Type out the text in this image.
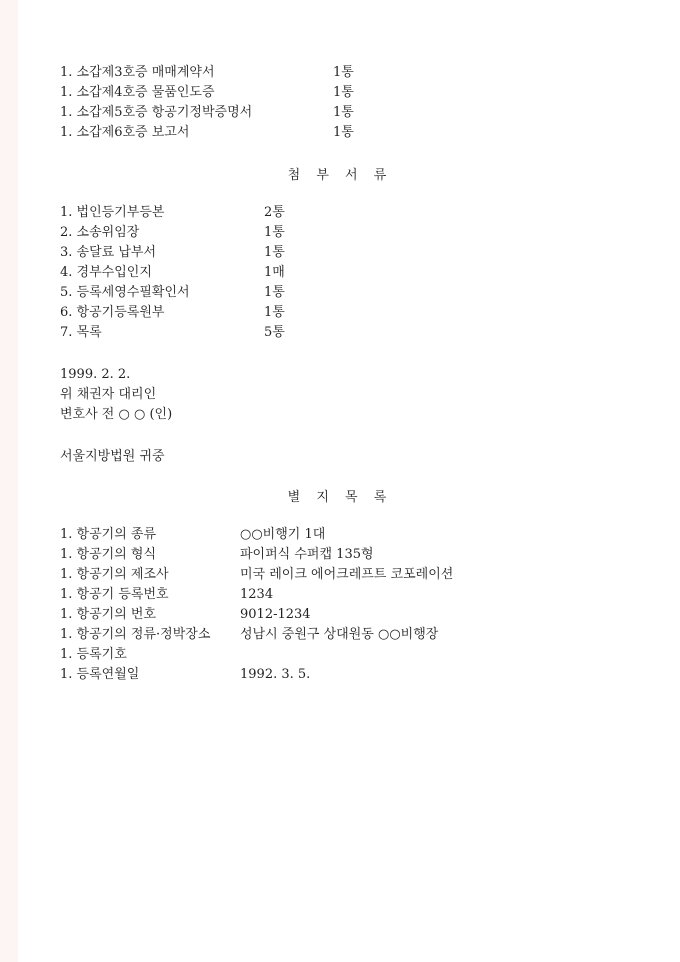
1. 소갑제3호증 매매계약서	1통
1. 소갑제4호증 물품인도증	1통
1. 소갑제5호증 항공기정박증명서	1통
1. 소갑제6호증 보고서	1통
첨 부 서 류
1. 법인등기부등본	2통
2. 소송위임장	1통
3. 송달료 납부서	1통
4. 경부수입인지	1매
5. 등록세영수필확인서	1통
6. 항공기등록원부	1통
7. 목록	5통
1999. 2. 2.
위 채권자 대리인
변호사 전 ○ ○ (인)
서울지방법원 귀중
별 지 목 록
1. 항공기의 종류	○○비행기 1대
1. 항공기의 형식	파이퍼식 수퍼캡 135형
1. 항공기의 제조사	미국 레이크 에어크레프트 코포레이션
1. 항공기 등록번호	1234
1. 항공기의 번호	9012-1234
1. 항공기의 정류·정박장소 성남시 중원구 상대원동 ○○비행장
1. 등록기호
1. 등록연월일	1992. 3. 5.
